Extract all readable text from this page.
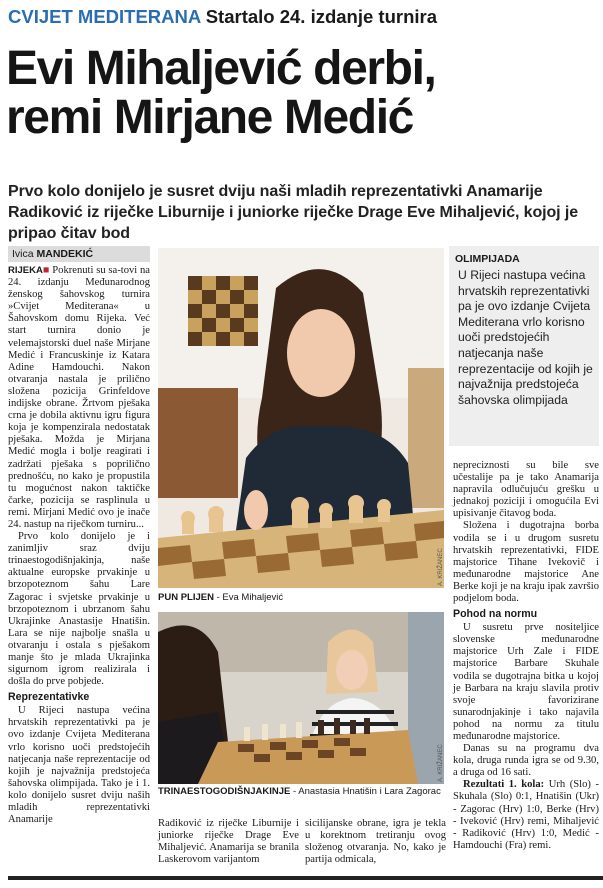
CVIJET MEDITERANA Startalo 24. izdanje turnira
Evi Mihaljević derbi,
remi Mirjane Medić
Prvo kolo donijelo je susret dviju naši mladih reprezentativki Anamarije Radiković iz riječke Liburnije i juniorke riječke Drage Eve Mihaljević, kojoj je pripao čitav bod
Ivica MANDEKIĆ

RIJEKA■ Pokrenuti su sa-tovi na 24. izdanju Međunarodnog ženskog šahovskog turnira »Cvijet Mediterana« u Šahovskom domu Rijeka. Već start turnira donio je velemajstorski duel naše Mirjane Medić i Francuskinje iz Katara Adine Hamdouchi. Nakon otvaranja nastala je prilično složena pozicija Grinfeldove indijske obrane. Žrtvom pješaka crna je dobila aktivnu igru figura koja je kompenzirala nedostatak pješaka. Možda je Mirjana Medić mogla i bolje reagirati i zadržati pješaka s poprilično prednošću, no kako je propustila tu mogućnost nakon taktičke čarke, pozicija se rasplinula u remi. Mirjani Medić ovo je inače 24. nastup na riječkom turniru...

Prvo kolo donijelo je i zanimljiv sraz dviju trinaestogodišnjakinja, naše aktualne europske prvakinje u brzopoteznom šahu Lare Zagorac i svjetske prvakinje u brzopoteznom i ubrzanom šahu Ukrajinke Anastasije Hnatišin. Lara se nije najbolje snašla u otvaranju i ostala s pješakom manje što je mlada Ukrajinka sigurnom igrom realizirala i došla do prve pobjede.

Reprezentativke

U Rijeci nastupa većina hrvatskih reprezentativki pa je ovo izdanje Cvijeta Mediterana vrlo korisno uoči predstojećih natjecanja naše reprezentacije od kojih je najvažnija predstojeća šahovska olimpijada. Tako je i 1. kolo donijelo susret dviju naših mladih reprezentativki Anamarije

A. KRIŽANEC
PUN PLIJEN - Eva Mihaljević
A. KRIŽANEC
TRINAESTOGODIŠNJAKINJE - Anastasia Hnatišin i Lara Zagorac
Radiković iz riječke Liburnije i juniorke riječke Drage Eve Mihaljević. Anamarija se branila Laskerovom varijantom
sicilijanske obrane, igra je tekla u korektnom tretiranju ovog složenog otvaranja. No, kako je partija odmicala,
OLIMPIJADA
U Rijeci nastupa većina hrvatskih reprezentativki pa je ovo izdanje Cvijeta Mediterana vrlo korisno uoči predstojećih natjecanja naše reprezentacije od kojih je najvažnija predstojeća šahovska olimpijada

nepreciznosti su bile sve učestalije pa je tako Anamarija napravila odlučujuću grešku u jednakoj poziciji i omogućila Evi upisivanje čitavog boda.

Složena i dugotrajna borba vodila se i u drugom susretu hrvatskih reprezentativki, FIDE majstorice Tihane Ivekovič i međunarodne majstorice Ane Berke koji je na kraju ipak završio podjelom boda.

Pohod na normu

U susretu prve nositeljice slovenske međunarodne majstorice Urh Zale i FIDE majstorice Barbare Skuhale vodila se dugotrajna bitka u kojoj je Barbara na kraju slavila protiv svoje favorizirane sunarodnjakinje i tako najavila pohod na normu za titulu međunarodne majstorice.

Danas su na programu dva kola, druga runda igra se od 9.30, a druga od 16 sati.

Rezultati 1. kola: Urh (Slo) - Skuhala (Slo) 0:1, Hnatišin (Ukr) - Zagorac (Hrv) 1:0, Berke (Hrv) - Iveković (Hrv) remi, Mihaljević - Radiković (Hrv) 1:0, Medić - Hamdouchi (Fra) remi.
